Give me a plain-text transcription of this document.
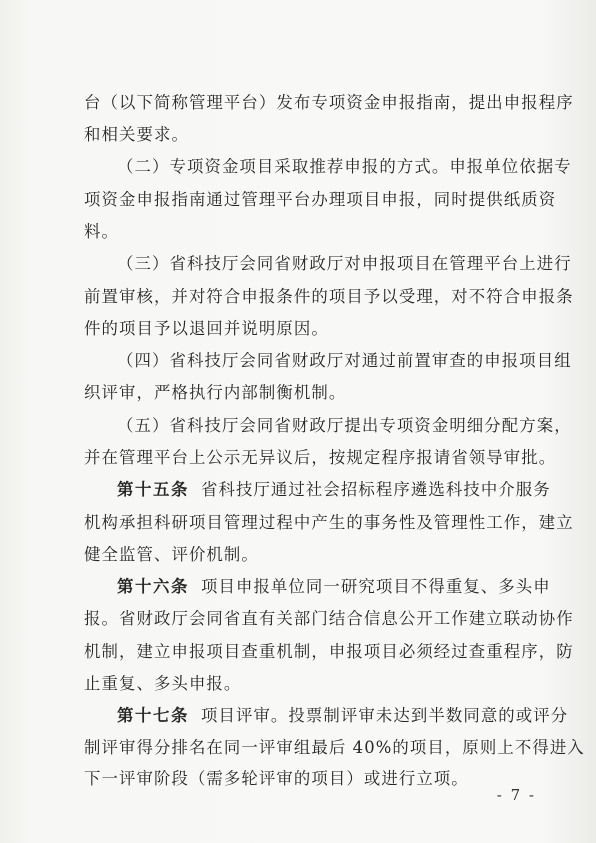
台（以下简称管理平台）发布专项资金申报指南，提出申报程序
和相关要求。
（二）专项资金项目采取推荐申报的方式。申报单位依据专
项资金申报指南通过管理平台办理项目申报，同时提供纸质资
料。
（三）省科技厅会同省财政厅对申报项目在管理平台上进行
前置审核，并对符合申报条件的项目予以受理，对不符合申报条
件的项目予以退回并说明原因。
（四）省科技厅会同省财政厅对通过前置审查的申报项目组
织评审，严格执行内部制衡机制。
（五）省科技厅会同省财政厅提出专项资金明细分配方案，
并在管理平台上公示无异议后，按规定程序报请省领导审批。
第十五条 省科技厅通过社会招标程序遴选科技中介服务
机构承担科研项目管理过程中产生的事务性及管理性工作，建立
健全监管、评价机制。
第十六条 项目申报单位同一研究项目不得重复、多头申
报。省财政厅会同省直有关部门结合信息公开工作建立联动协作
机制，建立申报项目查重机制，申报项目必须经过查重程序，防
止重复、多头申报。
第十七条 项目评审。投票制评审未达到半数同意的或评分
制评审得分排名在同一评审组最后 40%的项目，原则上不得进入
下一评审阶段（需多轮评审的项目）或进行立项。
- 7 -
